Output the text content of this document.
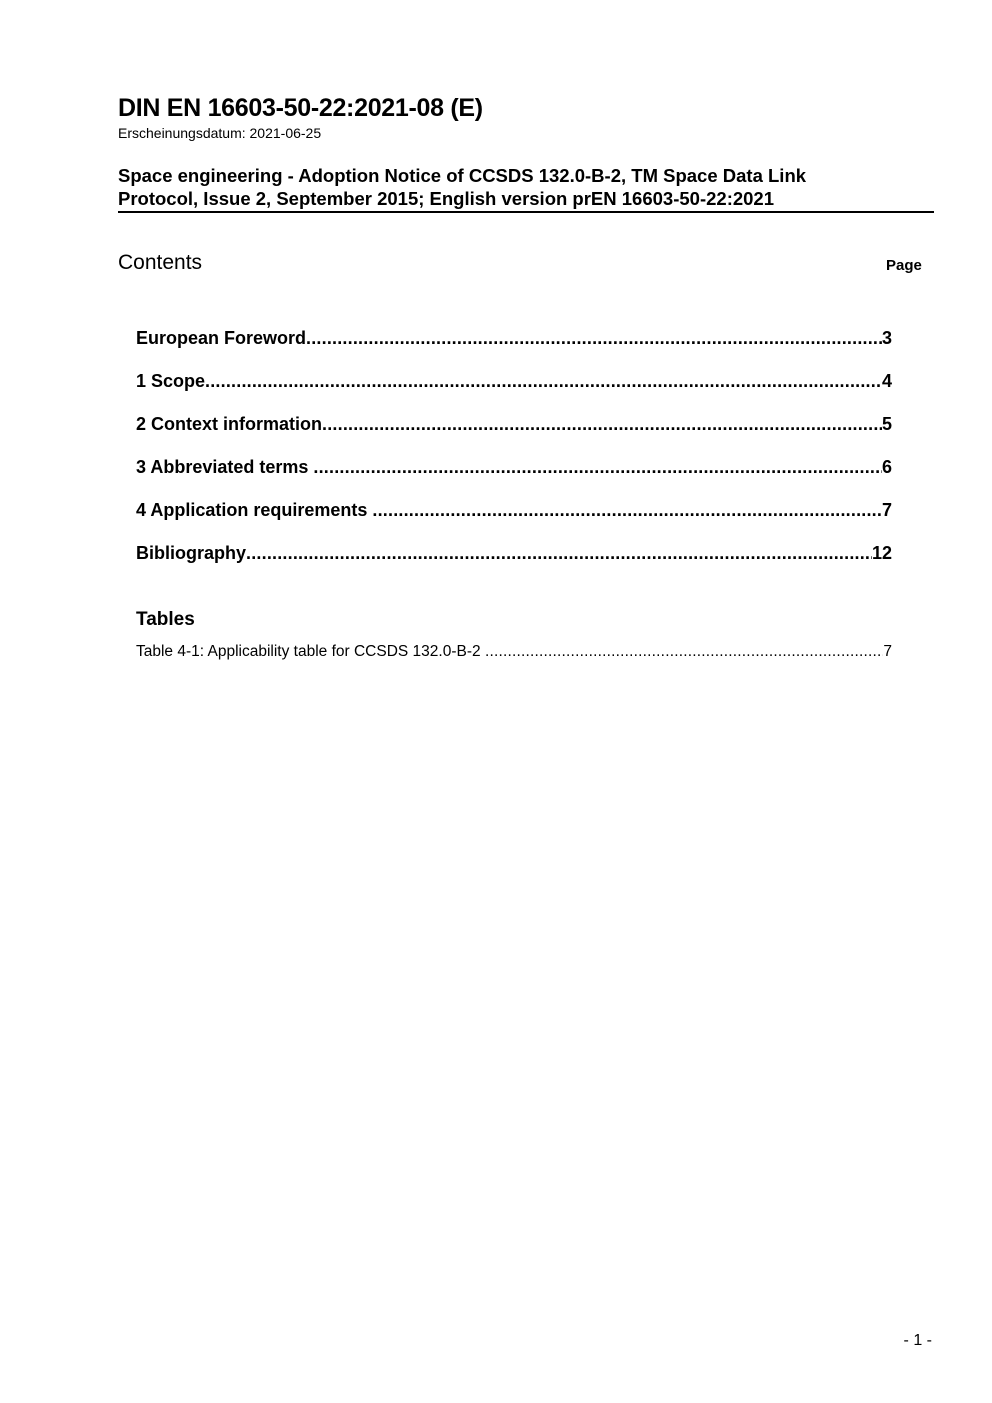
DIN EN 16603-50-22:2021-08 (E)
Erscheinungsdatum: 2021-06-25
Space engineering - Adoption Notice of CCSDS 132.0-B-2, TM Space Data Link
Protocol, Issue 2, September 2015; English version prEN 16603-50-22:2021
Contents	Page
European Foreword .....	3
1 Scope .....	4
2 Context information .....	5
3 Abbreviated terms .....	6
4 Application requirements .....	7
Bibliography .....	12
Tables
Table 4-1: Applicability table for CCSDS 132.0-B-2 .....	7
- 1 -
